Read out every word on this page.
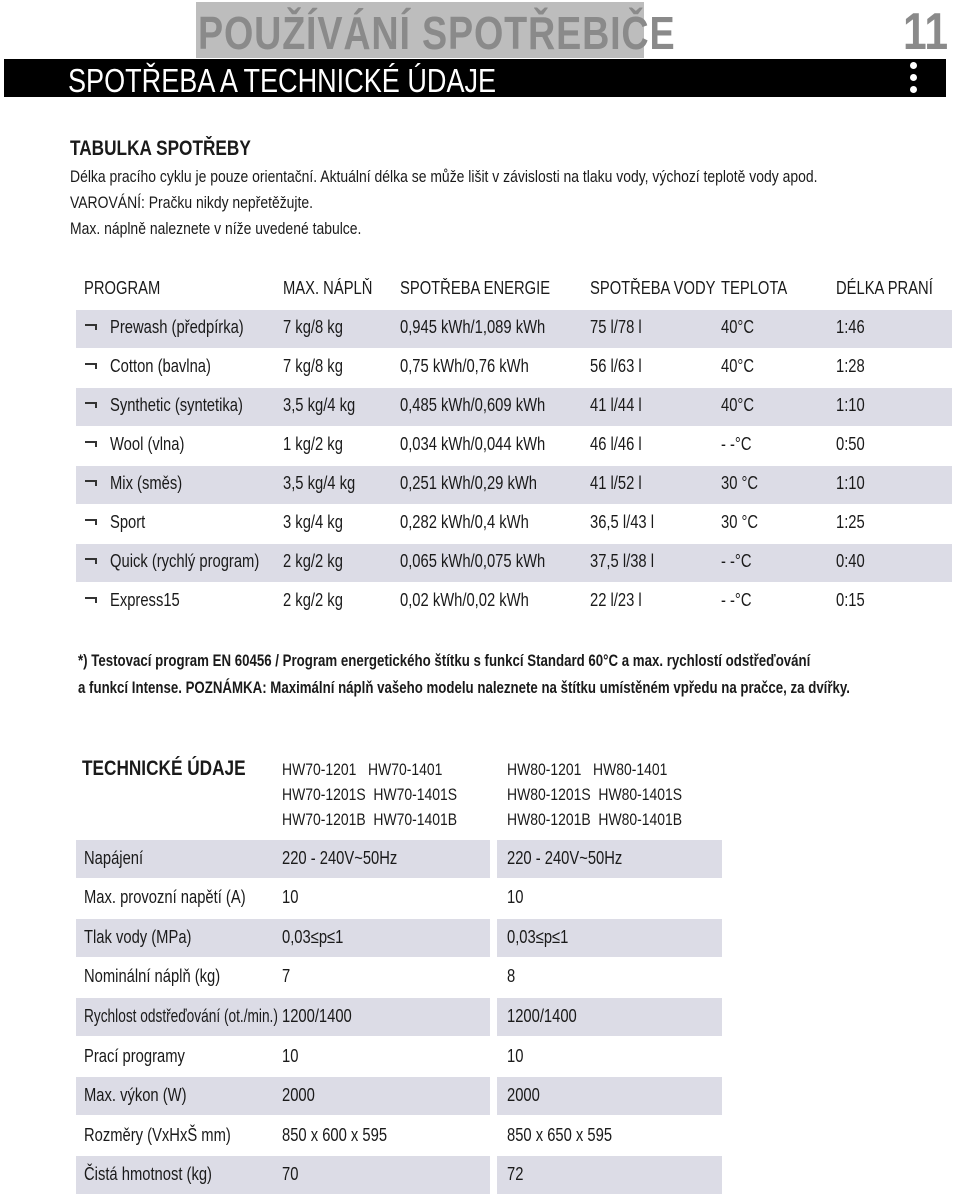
POUŽÍVÁNÍ SPOTŘEBIČE
SPOTŘEBA A TECHNICKÉ ÚDAJE
11
TABULKA SPOTŘEBY
Délka pracího cyklu je pouze orientační. Aktuální délka se může lišit v závislosti na tlaku vody, výchozí teplotě vody apod.
VAROVÁNÍ: Pračku nikdy nepřetěžujte.
Max. náplně naleznete v níže uvedené tabulce.
PROGRAM	MAX. NÁPLŇ	SPOTŘEBA ENERGIE	SPOTŘEBA VODY TEPLOTA	DÉLKA PRANÍ
Prewash (předpírka)	7 kg/8 kg	0,945 kWh/1,089 kWh	75 l/78 l	40°C	1:46
Cotton (bavlna)	7 kg/8 kg	0,75 kWh/0,76 kWh	56 l/63 l	40°C	1:28
Synthetic (syntetika)	3,5 kg/4 kg	0,485 kWh/0,609 kWh	41 l/44 l	40°C	1:10
Wool (vlna)	1 kg/2 kg	0,034 kWh/0,044 kWh	46 l/46 l	- -°C	0:50
Mix (směs)	3,5 kg/4 kg	0,251 kWh/0,29 kWh	41 l/52 l	30 °C	1:10
Sport	3 kg/4 kg	0,282 kWh/0,4 kWh	36,5 l/43 l	30 °C	1:25
Quick (rychlý program)	2 kg/2 kg	0,065 kWh/0,075 kWh	37,5 l/38 l	- -°C	0:40
Express15	2 kg/2 kg	0,02 kWh/0,02 kWh	22 l/23 l	- -°C	0:15
*) Testovací program EN 60456 / Program energetického štítku s funkcí Standard 60°C a max. rychlostí odstřeďování
a funkcí Intense. POZNÁMKA: Maximální náplň vašeho modelu naleznete na štítku umístěném vpředu na pračce, za dvířky.
TECHNICKÉ ÚDAJE	HW70-1201   HW70-1401
HW70-1201S  HW70-1401S
HW70-1201B  HW70-1401B
HW80-1201   HW80-1401
HW80-1201S  HW80-1401S
HW80-1201B  HW80-1401B
Napájení	220 - 240V~50Hz	220 - 240V~50Hz
Max. provozní napětí (A)	10	10
Tlak vody (MPa)	0,03≤p≤1	0,03≤p≤1
Nominální náplň (kg)	7	8
Rychlost odstřeďování (ot./min.) 1200/1400	1200/1400
Prací programy	10	10
Max. výkon (W)	2000	2000
Rozměry (VxHxŠ mm)	850 x 600 x 595	850 x 650 x 595
Čistá hmotnost (kg)	70	72
